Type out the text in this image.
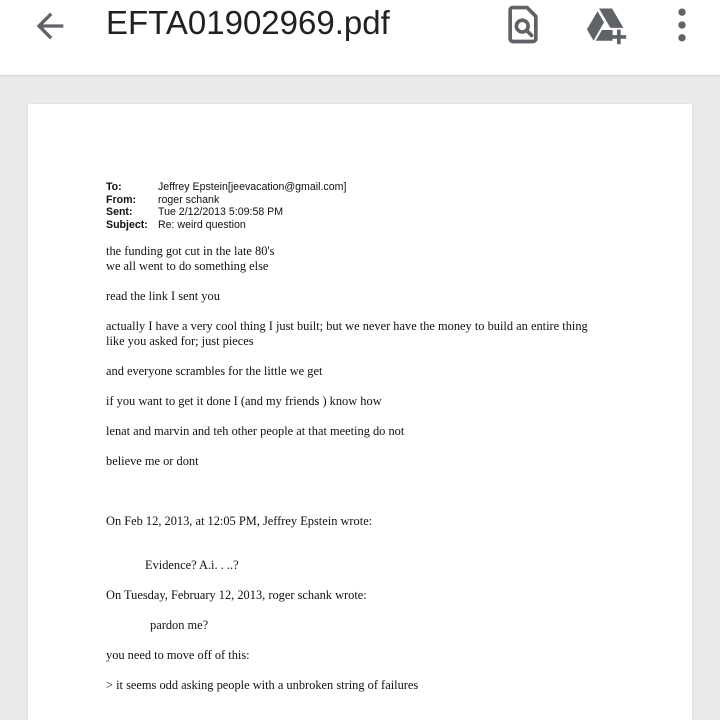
EFTA01902969.pdf
To:	Jeffrey Epstein[jeevacation@gmail.com]
From:	roger schank
Sent:	Tue 2/12/2013 5:09:58 PM
Subject: Re: weird question

the funding got cut in the late 80's

we all went to do something else

read the link I sent you

actually I have a very cool thing I just built; but we never have the money to build an entire thing

like you asked for; just pieces

and everyone scrambles for the little we get

if you want to get it done I (and my friends ) know how

lenat and marvin and teh other people at that meeting do not

believe me or dont

On Feb 12, 2013, at 12:05 PM, Jeffrey Epstein wrote:

Evidence? A.i. . ..?

On Tuesday, February 12, 2013, roger schank wrote:

pardon me?

you need to move off of this:

> it seems odd asking people with a unbroken string of failures
